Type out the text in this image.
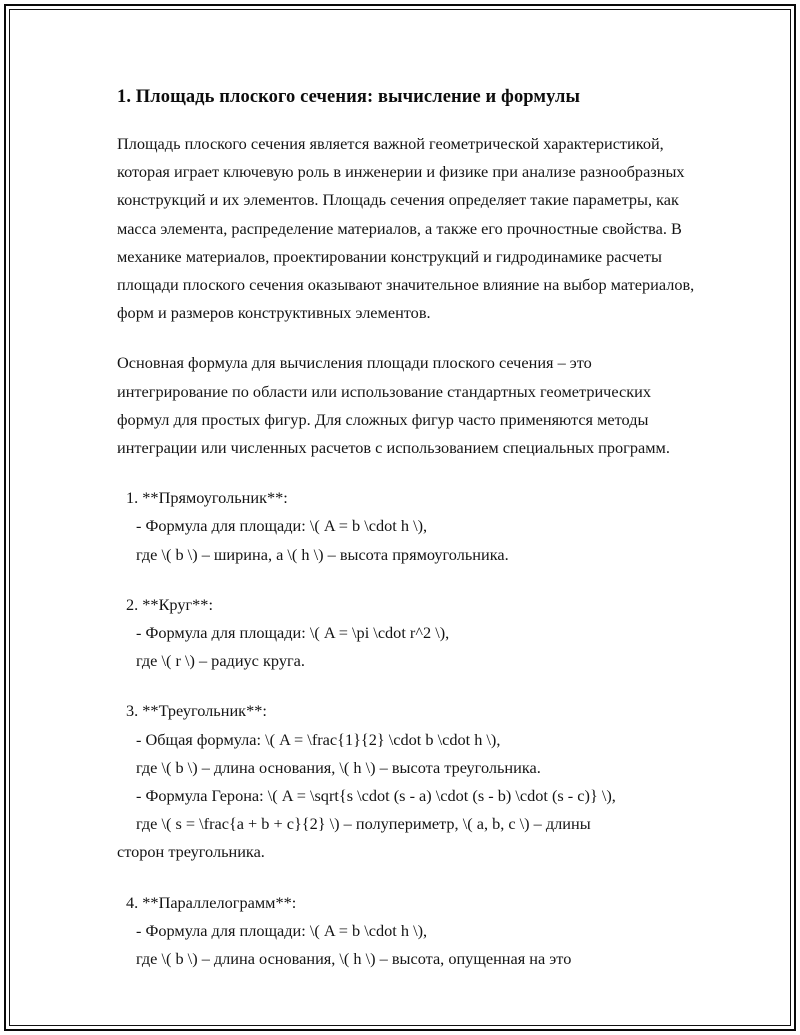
1. Площадь плоского сечения: вычисление и формулы

Площадь плоского сечения является важной геометрической характеристикой, которая играет ключевую роль в инженерии и физике при анализе разнообразных конструкций и их элементов. Площадь сечения определяет такие параметры, как масса элемента, распределение материалов, а также его прочностные свойства. В механике материалов, проектировании конструкций и гидродинамике расчеты площади плоского сечения оказывают значительное влияние на выбор материалов, форм и размеров конструктивных элементов.

Основная формула для вычисления площади плоского сечения – это интегрирование по области или использование стандартных геометрических формул для простых фигур. Для сложных фигур часто применяются методы интеграции или численных расчетов с использованием специальных программ.

1. **Прямоугольник**:

- Формула для площади: \( A = b \cdot h \),

где \( b \) – ширина, а \( h \) – высота прямоугольника.

2. **Круг**:

- Формула для площади: \( A = \pi \cdot r^2 \),

где \( r \) – радиус круга.

3. **Треугольник**:

- Общая формула: \( A = \frac{1}{2} \cdot b \cdot h \),

где \( b \) – длина основания, \( h \) – высота треугольника.

- Формула Герона: \( A = \sqrt{s \cdot (s - a) \cdot (s - b) \cdot (s - c)} \),

где \( s = \frac{a + b + c}{2} \) – полупериметр, \( a, b, c \) – длины

сторон треугольника.

4. **Параллелограмм**:

- Формула для площади: \( A = b \cdot h \),

где \( b \) – длина основания, \( h \) – высота, опущенная на это
